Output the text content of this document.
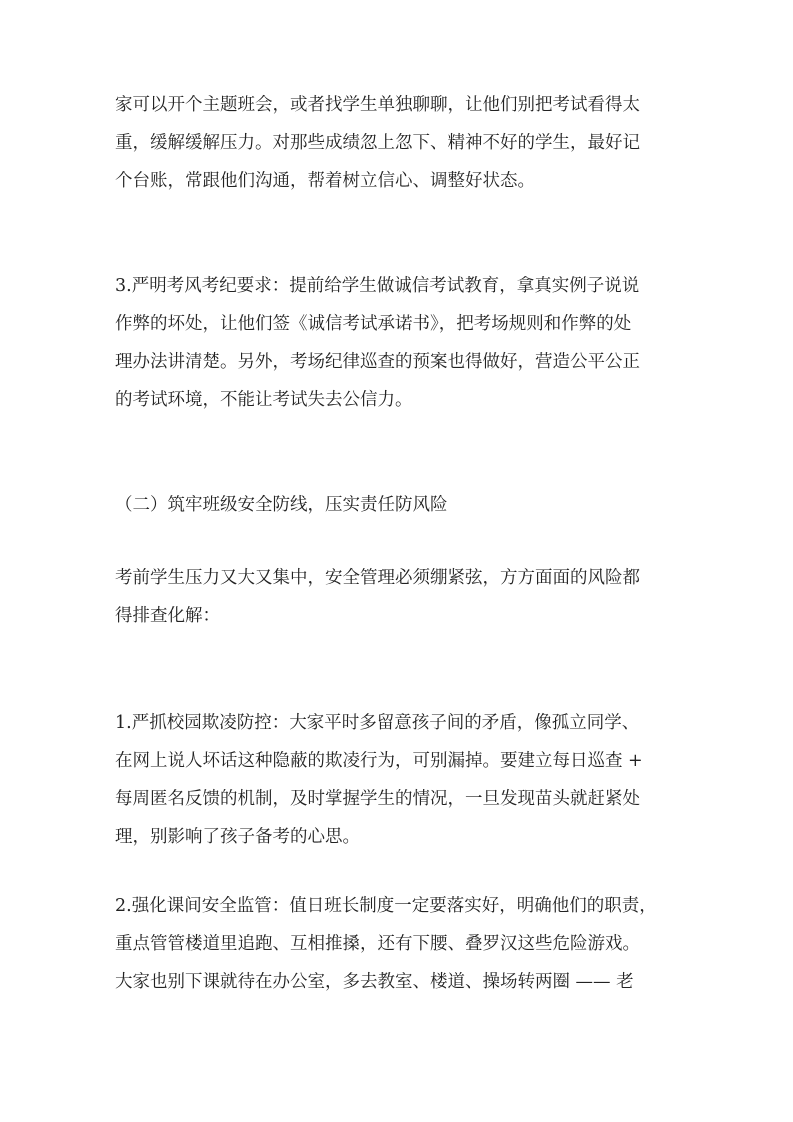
家可以开个主题班会，或者找学生单独聊聊，让他们别把考试看得太
重，缓解缓解压力。对那些成绩忽上忽下、精神不好的学生，最好记
个台账，常跟他们沟通，帮着树立信心、调整好状态。
3.严明考风考纪要求：提前给学生做诚信考试教育，拿真实例子说说
作弊的坏处，让他们签《诚信考试承诺书》，把考场规则和作弊的处
理办法讲清楚。另外，考场纪律巡查的预案也得做好，营造公平公正
的考试环境，不能让考试失去公信力。

（二）筑牢班级安全防线，压实责任防风险

考前学生压力又大又集中，安全管理必须绷紧弦，方方面面的风险都
得排查化解：
1.严抓校园欺凌防控：大家平时多留意孩子间的矛盾，像孤立同学、
在网上说人坏话这种隐蔽的欺凌行为，可别漏掉。要建立每日巡查 +
每周匿名反馈的机制，及时掌握学生的情况，一旦发现苗头就赶紧处
理，别影响了孩子备考的心思。
2.强化课间安全监管：值日班长制度一定要落实好，明确他们的职责，
重点管管楼道里追跑、互相推搡，还有下腰、叠罗汉这些危险游戏。
大家也别下课就待在办公室，多去教室、楼道、操场转两圈 —— 老
